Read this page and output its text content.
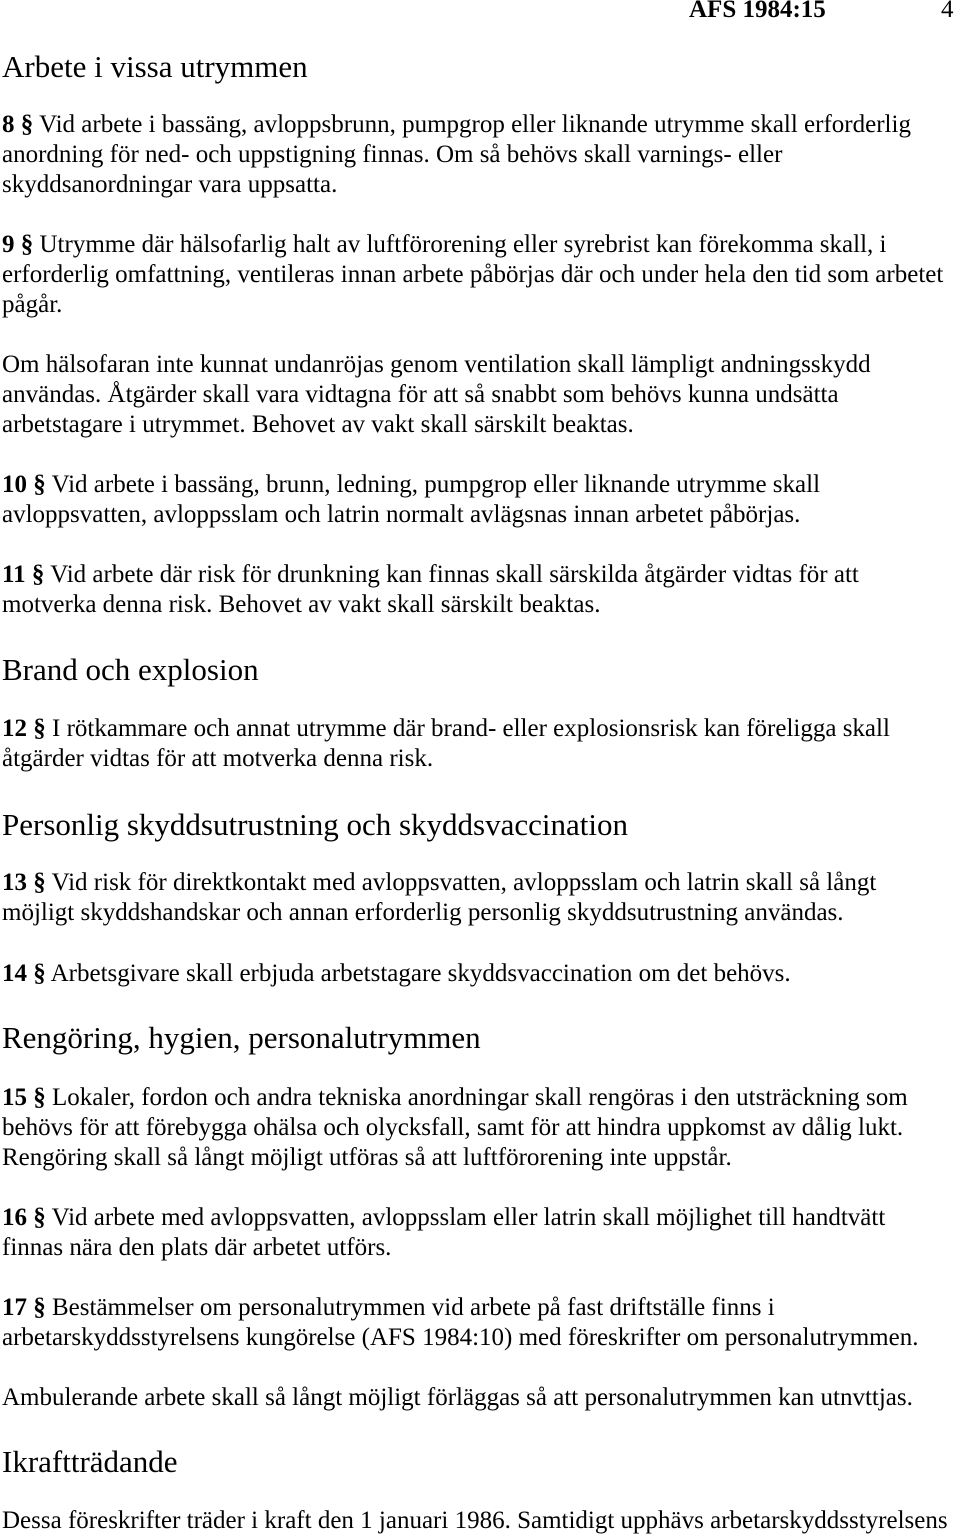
AFS 1984:15	4
Arbete i vissa utrymmen
8 § Vid arbete i bassäng, avloppsbrunn, pumpgrop eller liknande utrymme skall erforderlig
anordning för ned- och uppstigning finnas. Om så behövs skall varnings- eller
skyddsanordningar vara uppsatta.
9 § Utrymme där hälsofarlig halt av luftförorening eller syrebrist kan förekomma skall, i
erforderlig omfattning, ventileras innan arbete påbörjas där och under hela den tid som arbetet
pågår.
Om hälsofaran inte kunnat undanröjas genom ventilation skall lämpligt andningsskydd
användas. Åtgärder skall vara vidtagna för att så snabbt som behövs kunna undsätta
arbetstagare i utrymmet. Behovet av vakt skall särskilt beaktas.
10 § Vid arbete i bassäng, brunn, ledning, pumpgrop eller liknande utrymme skall
avloppsvatten, avloppsslam och latrin normalt avlägsnas innan arbetet påbörjas.
11 § Vid arbete där risk för drunkning kan finnas skall särskilda åtgärder vidtas för att
motverka denna risk. Behovet av vakt skall särskilt beaktas.
Brand och explosion
12 § I rötkammare och annat utrymme där brand- eller explosionsrisk kan föreligga skall
åtgärder vidtas för att motverka denna risk.
Personlig skyddsutrustning och skyddsvaccination
13 § Vid risk för direktkontakt med avloppsvatten, avloppsslam och latrin skall så långt
möjligt skyddshandskar och annan erforderlig personlig skyddsutrustning användas.
14 § Arbetsgivare skall erbjuda arbetstagare skyddsvaccination om det behövs.
Rengöring, hygien, personalutrymmen
15 § Lokaler, fordon och andra tekniska anordningar skall rengöras i den utsträckning som
behövs för att förebygga ohälsa och olycksfall, samt för att hindra uppkomst av dålig lukt.
Rengöring skall så långt möjligt utföras så att luftförorening inte uppstår.
16 § Vid arbete med avloppsvatten, avloppsslam eller latrin skall möjlighet till handtvätt
finnas nära den plats där arbetet utförs.
17 § Bestämmelser om personalutrymmen vid arbete på fast driftställe finns i
arbetarskyddsstyrelsens kungörelse (AFS 1984:10) med föreskrifter om personalutrymmen.
Ambulerande arbete skall så långt möjligt förläggas så att personalutrymmen kan utnvttjas.
Ikraftträdande
Dessa föreskrifter träder i kraft den 1 januari 1986. Samtidigt upphävs arbetarskyddsstyrelsens
